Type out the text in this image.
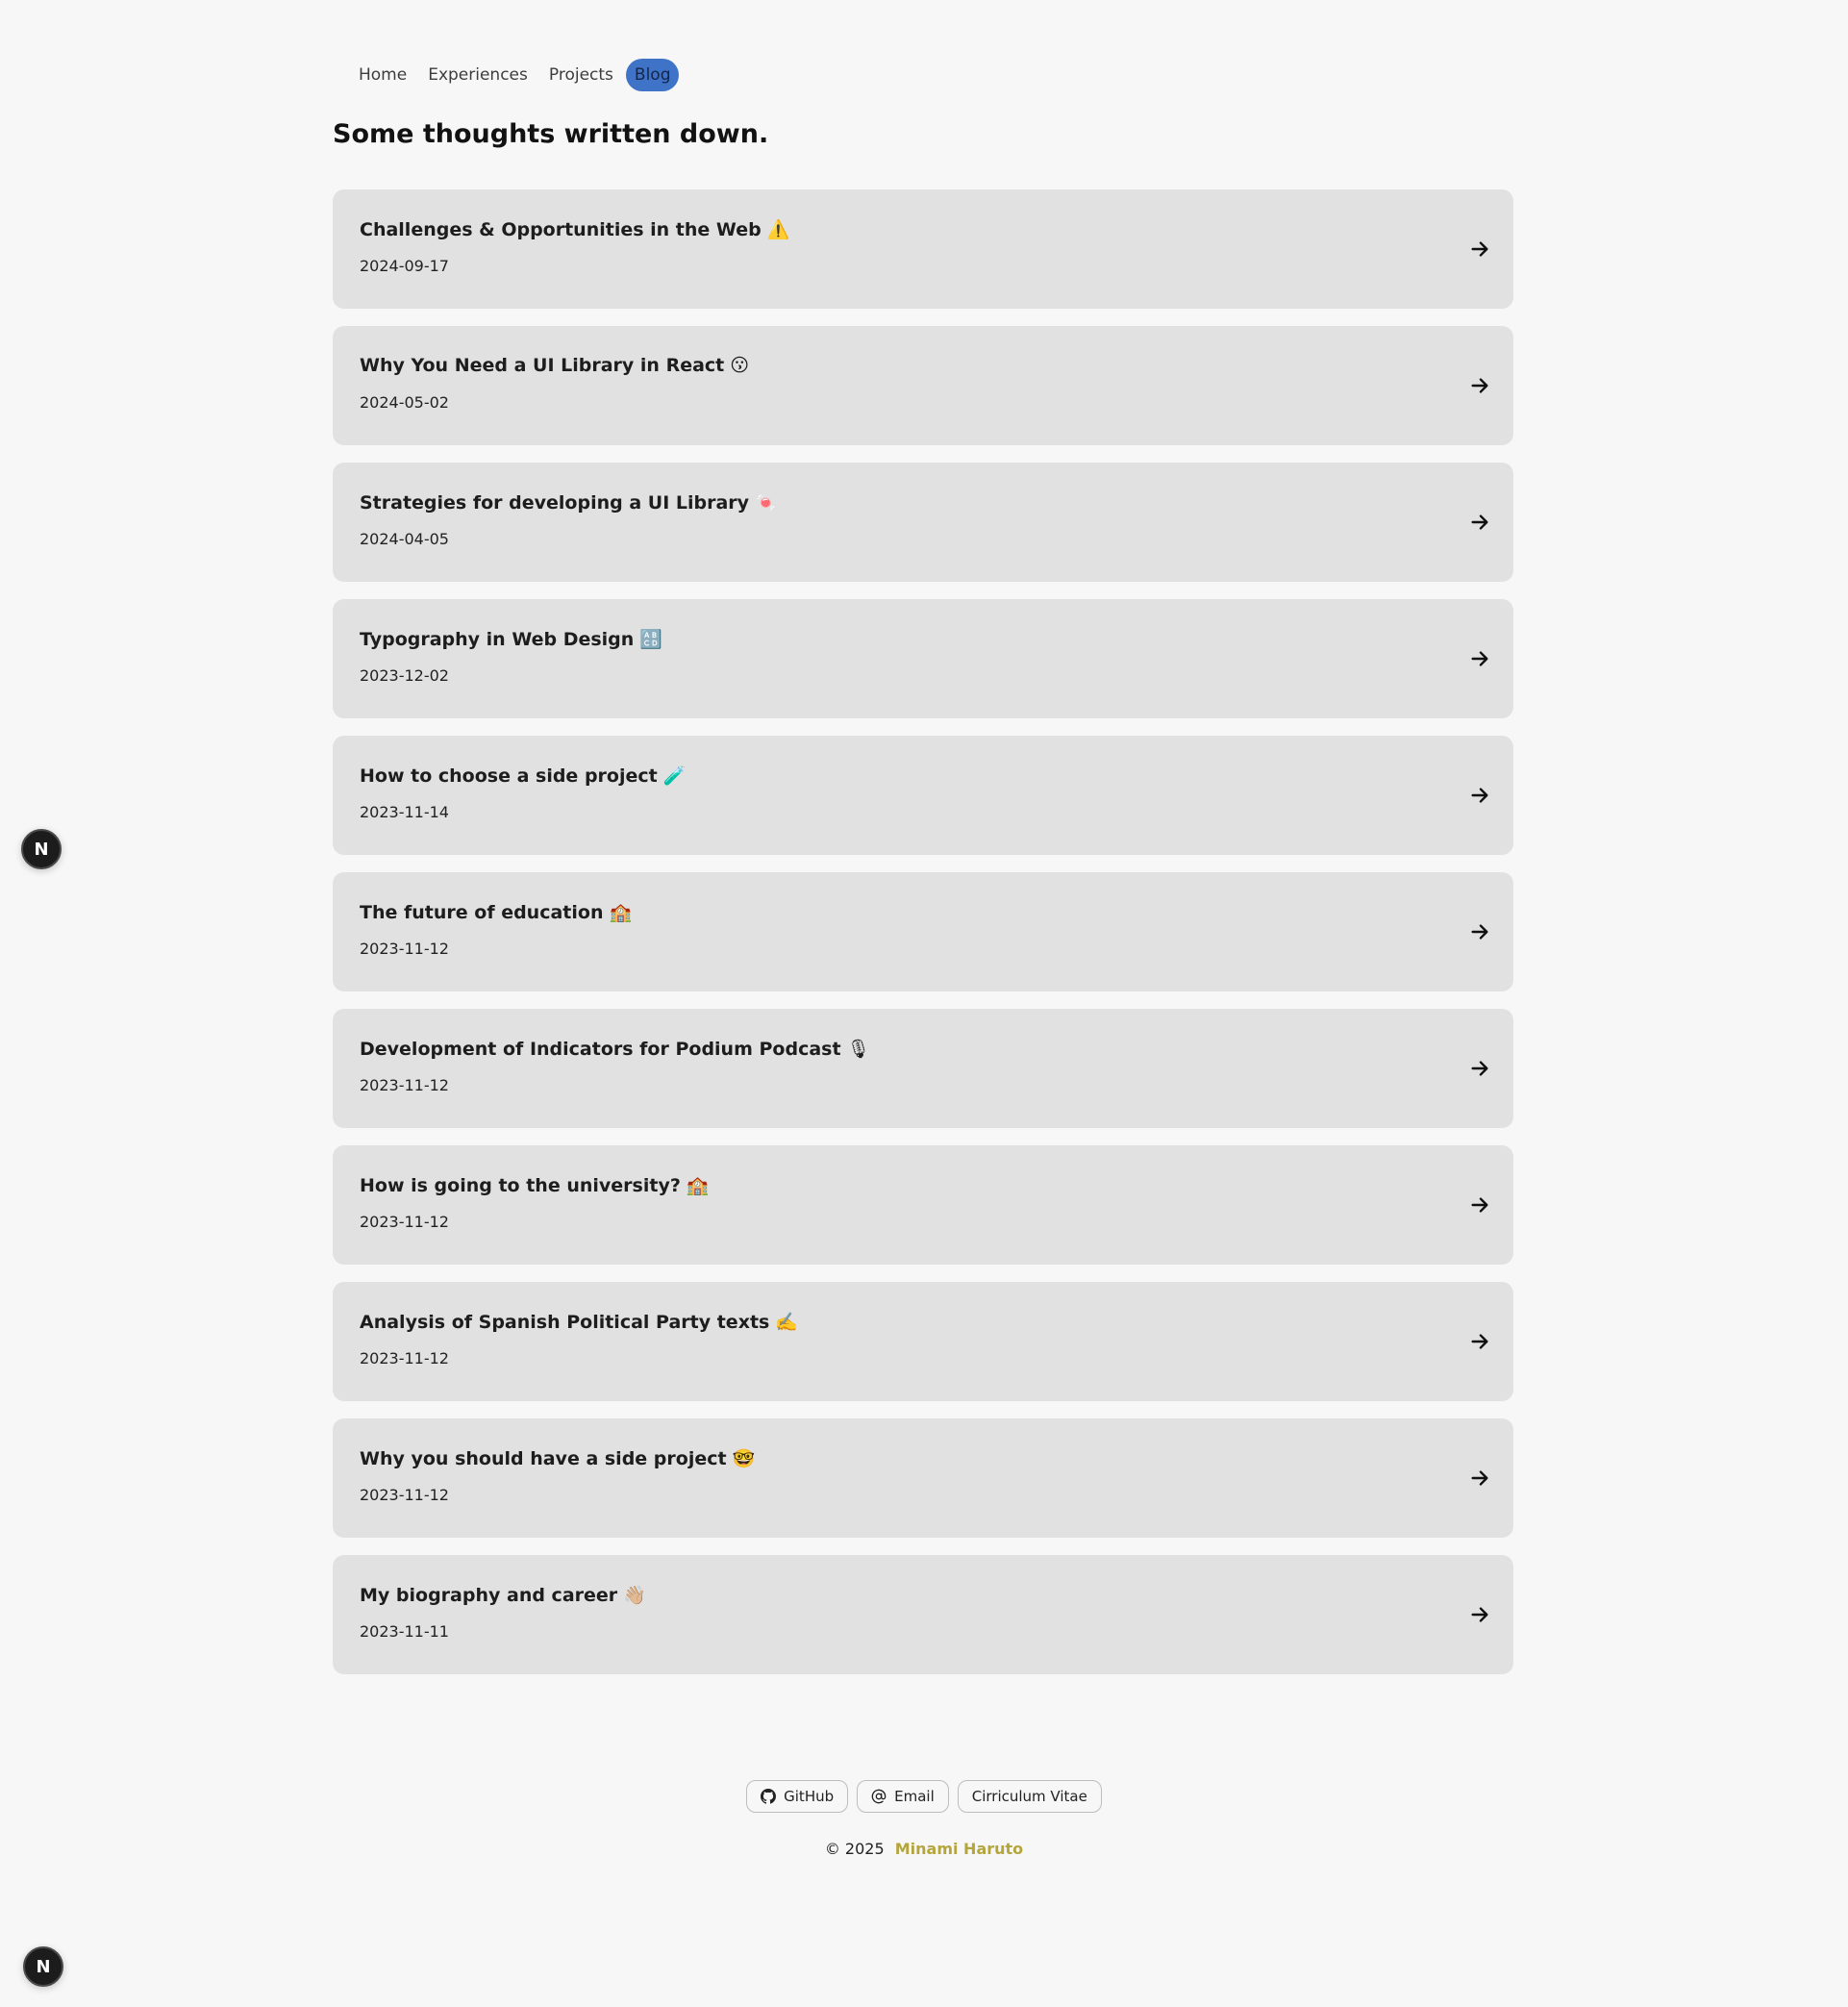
Home	Experiences	Projects	Blog
Some thoughts written down.
Challenges & Opportunities in the Web ⚠️
2024-09-17
Why You Need a UI Library in React 😗
2024-05-02
Strategies for developing a UI Library 🍬
2024-04-05
Typography in Web Design 🔠
2023-12-02
How to choose a side project 🧪
2023-11-14
The future of education 🏫
2023-11-12
Development of Indicators for Podium Podcast 🎙
2023-11-12
How is going to the university? 🏫
2023-11-12
Analysis of Spanish Political Party texts ✍️
2023-11-12
Why you should have a side project 🤓
2023-11-12
My biography and career 👋🏼
2023-11-11
N
N
GitHub	Email	Cirriculum Vitae
© 2025 Minami Haruto
